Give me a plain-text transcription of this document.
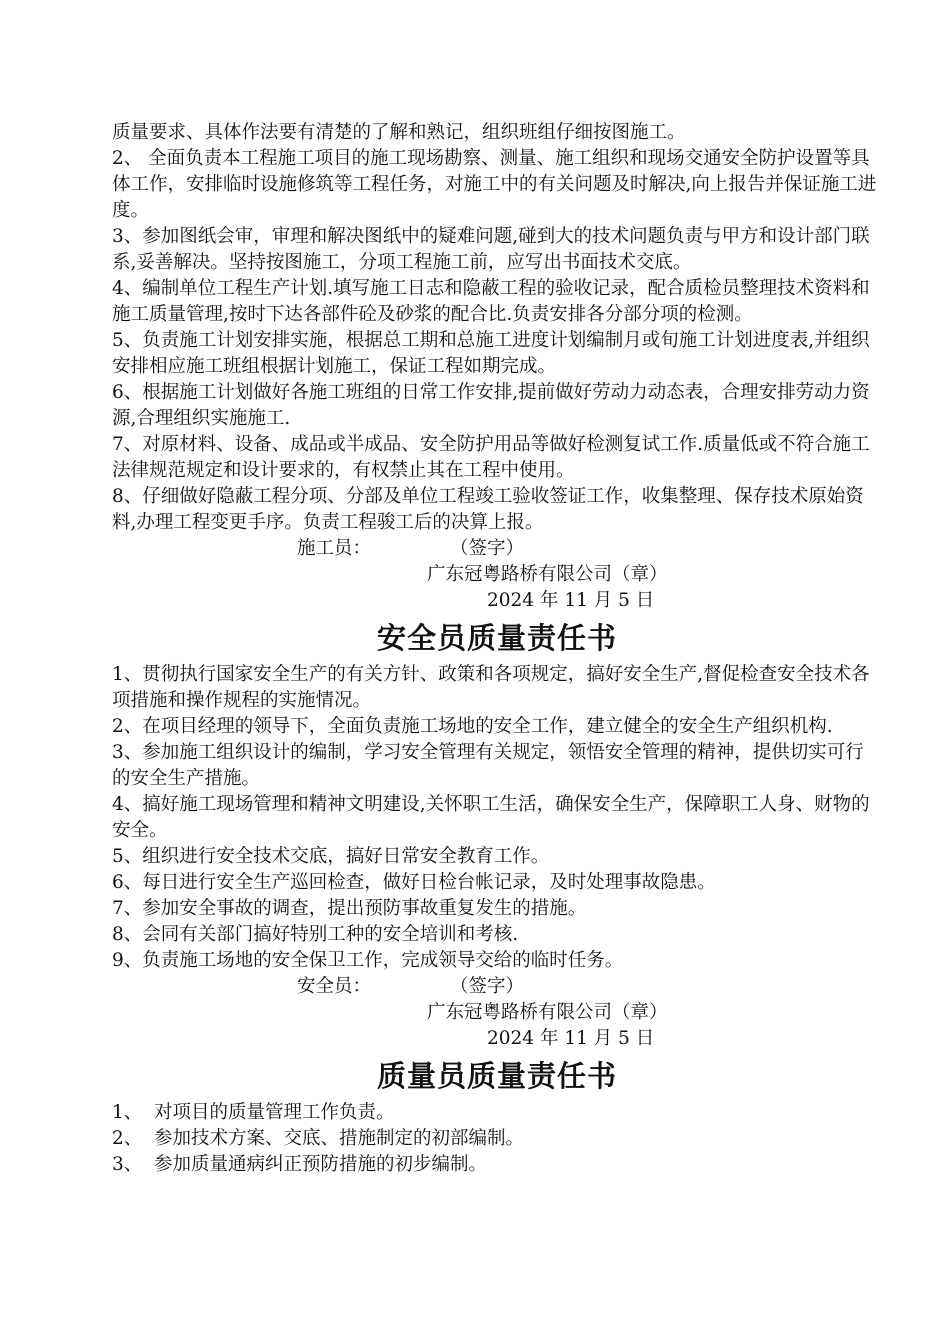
质量要求、具体作法要有清楚的了解和熟记，组织班组仔细按图施工。

2、 全面负责本工程施工项目的施工现场勘察、测量、施工组织和现场交通安全防护设置等具体工作，安排临时设施修筑等工程任务，对施工中的有关问题及时解决,向上报告并保证施工进度。

3、参加图纸会审，审理和解决图纸中的疑难问题,碰到大的技术问题负责与甲方和设计部门联系,妥善解决。坚持按图施工，分项工程施工前，应写出书面技术交底。

4、编制单位工程生产计划.填写施工日志和隐蔽工程的验收记录，配合质检员整理技术资料和施工质量管理,按时下达各部件砼及砂浆的配合比.负责安排各分部分项的检测。

5、负责施工计划安排实施，根据总工期和总施工进度计划编制月或旬施工计划进度表,并组织安排相应施工班组根据计划施工，保证工程如期完成。

6、根据施工计划做好各施工班组的日常工作安排,提前做好劳动力动态表，合理安排劳动力资源,合理组织实施施工.

7、对原材料、设备、成品或半成品、安全防护用品等做好检测复试工作.质量低或不符合施工法律规范规定和设计要求的，有权禁止其在工程中使用。

8、仔细做好隐蔽工程分项、分部及单位工程竣工验收签证工作，收集整理、保存技术原始资料,办理工程变更手序。负责工程骏工后的决算上报。

施工员：	（签字）

广东冠粤路桥有限公司（章）

2024 年 11 月 5 日

安全员质量责任书

1、贯彻执行国家安全生产的有关方针、政策和各项规定，搞好安全生产,督促检查安全技术各项措施和操作规程的实施情况。

2、在项目经理的领导下，全面负责施工场地的安全工作，建立健全的安全生产组织机构.

3、参加施工组织设计的编制，学习安全管理有关规定，领悟安全管理的精神，提供切实可行的安全生产措施。

4、搞好施工现场管理和精神文明建设,关怀职工生活，确保安全生产，保障职工人身、财物的安全。

5、组织进行安全技术交底，搞好日常安全教育工作。

6、每日进行安全生产巡回检查，做好日检台帐记录，及时处理事故隐患。

7、参加安全事故的调查，提出预防事故重复发生的措施。

8、会同有关部门搞好特别工种的安全培训和考核.

9、负责施工场地的安全保卫工作，完成领导交给的临时任务。

安全员：	（签字）

广东冠粤路桥有限公司（章）

2024 年 11 月 5 日

质量员质量责任书

1、  对项目的质量管理工作负责。

2、  参加技术方案、交底、措施制定的初部编制。

3、  参加质量通病纠正预防措施的初步编制。
